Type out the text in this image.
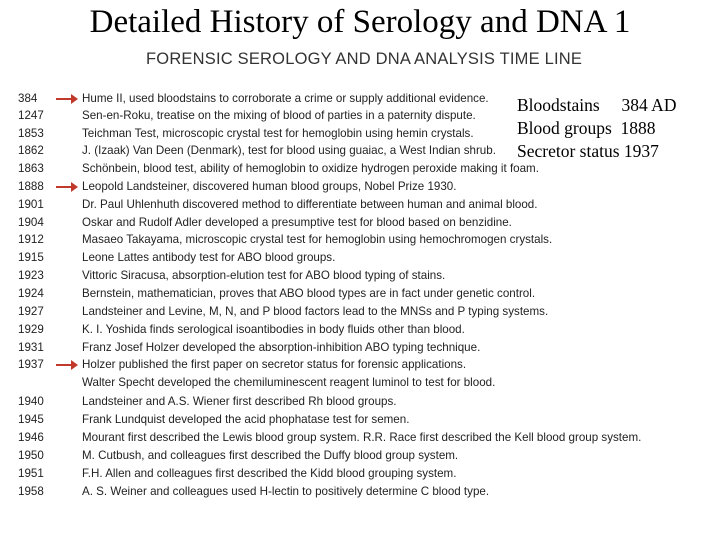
Detailed History of Serology and DNA 1
FORENSIC SEROLOGY AND DNA ANALYSIS TIME LINE
384	Hume II, used bloodstains to corroborate a crime or supply additional evidence.
1247	Sen-en-Roku, treatise on the mixing of blood of parties in a paternity dispute.
1853	Teichman Test, microscopic crystal test for hemoglobin using hemin crystals.
1862	J. (Izaak) Van Deen (Denmark), test for blood using guaiac, a West Indian shrub.
1863	Schönbein, blood test, ability of hemoglobin to oxidize hydrogen peroxide making it foam.
1888	Leopold Landsteiner, discovered human blood groups, Nobel Prize 1930.
1901	Dr. Paul Uhlenhuth discovered method to differentiate between human and animal blood.
1904	Oskar and Rudolf Adler developed a presumptive test for blood based on benzidine.
1912	Masaeo Takayama, microscopic crystal test for hemoglobin using hemochromogen crystals.
1915	Leone Lattes antibody test for ABO blood groups.
1923	Vittoric Siracusa, absorption-elution test for ABO blood typing of stains.
1924	Bernstein, mathematician, proves that ABO blood types are in fact under genetic control.
1927	Landsteiner and Levine, M, N, and P blood factors lead to the MNSs and P typing systems.
1929	K. I. Yoshida finds serological isoantibodies in body fluids other than blood.
1931	Franz Josef Holzer developed the absorption-inhibition ABO typing technique.
1937	Holzer published the first paper on secretor status for forensic applications.
Walter Specht developed the chemiluminescent reagent luminol to test for blood.
1940	Landsteiner and A.S. Wiener first described Rh blood groups.
1945	Frank Lundquist developed the acid phophatase test for semen.
1946	Mourant first described the Lewis blood group system. R.R. Race first described the Kell blood group system.
1950	M. Cutbush, and colleagues first described the Duffy blood group system.
1951	F.H. Allen and colleagues first described the Kidd blood grouping system.
1958	A. S. Weiner and colleagues used H-lectin to positively determine C blood type.
Bloodstains     384 AD
Blood groups  1888
Secretor status 1937
